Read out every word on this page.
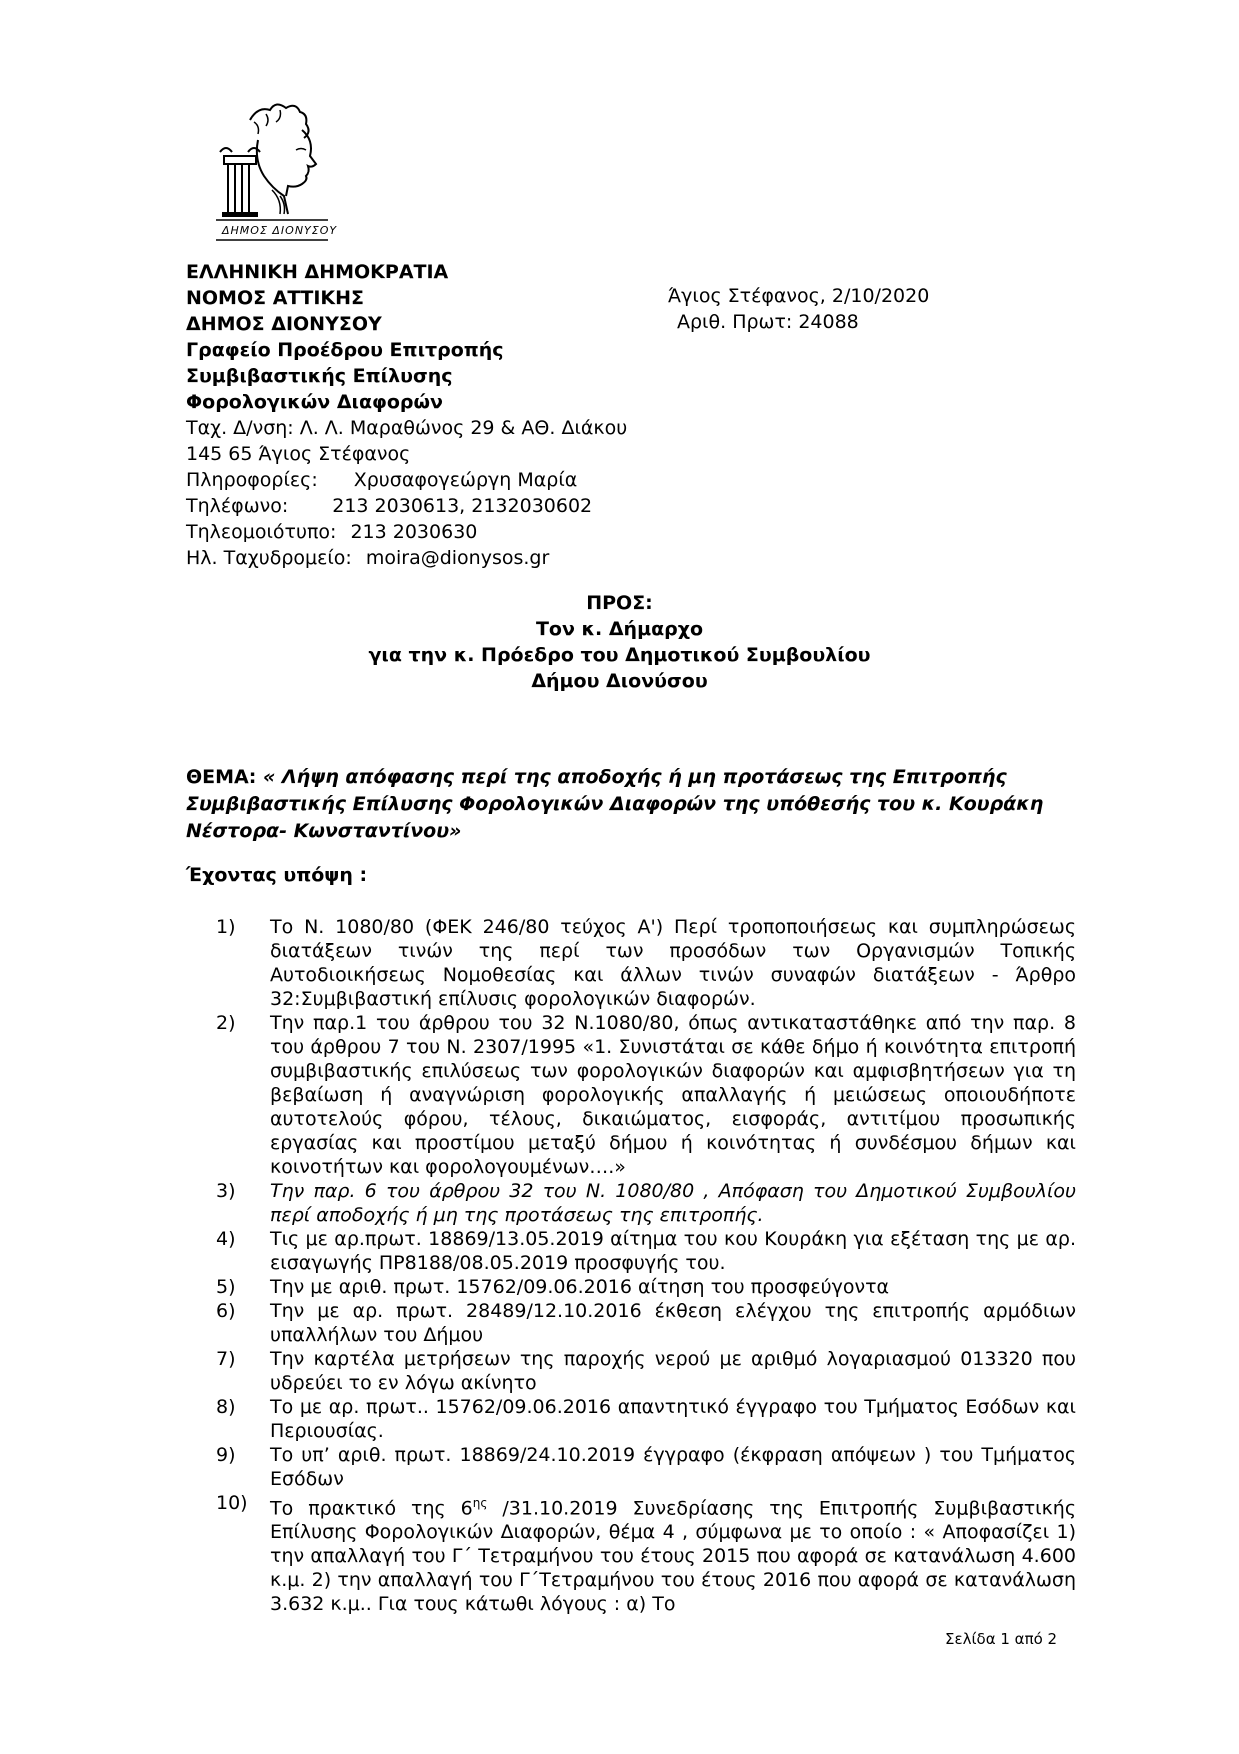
ΔΗΜΟΣ ΔΙΟΝΥΣΟΥ
ΕΛΛΗΝΙΚΗ ΔΗΜΟΚΡΑΤΙΑ
ΝΟΜΟΣ ΑΤΤΙΚΗΣ
ΔΗΜΟΣ ΔΙΟΝΥΣΟΥ
Γραφείο Προέδρου Επιτροπής
Συμβιβαστικής Επίλυσης
Φορολογικών Διαφορών
Ταχ. Δ/νση: Λ. Λ. Μαραθώνος 29 & ΑΘ. Διάκου
145 65 Άγιος Στέφανος
Πληροφορίες: Χρυσαφογεώργη Μαρία
Τηλέφωνο: 213 2030613, 2132030602
Τηλεομοιότυπο: 213 2030630
Ηλ. Ταχυδρομείο: moira@dionysos.gr
Άγιος Στέφανος, 2/10/2020
Αριθ. Πρωτ: 24088
ΠΡΟΣ:
Τον κ. Δήμαρχο
για την κ. Πρόεδρο του Δημοτικού Συμβουλίου
Δήμου Διονύσου
ΘΕΜΑ: « Λήψη απόφασης περί της αποδοχής ή μη προτάσεως της Επιτροπής Συμβιβαστικής Επίλυσης Φορολογικών Διαφορών της υπόθεσής του κ. Κουράκη Νέστορα- Κωνσταντίνου»
Έχοντας υπόψη :
1)	Το Ν. 1080/80 (ΦΕΚ 246/80 τεύχος Α') Περί τροποποιήσεως και συμπληρώσεως διατάξεων τινών της περί των προσόδων των Οργανισμών Τοπικής Αυτοδιοικήσεως Νομοθεσίας και άλλων τινών συναφών διατάξεων - Άρθρο 32:Συμβιβαστική επίλυσις φορολογικών διαφορών.
2)	Την παρ.1 του άρθρου του 32 Ν.1080/80, όπως αντικαταστάθηκε από την παρ. 8 του άρθρου 7 του Ν. 2307/1995 «1. Συνιστάται σε κάθε δήμο ή κοινότητα επιτροπή συμβιβαστικής επιλύσεως των φορολογικών διαφορών και αμφισβητήσεων για τη βεβαίωση ή αναγνώριση φορολογικής απαλλαγής ή μειώσεως οποιουδήποτε αυτοτελούς φόρου, τέλους, δικαιώματος, εισφοράς, αντιτίμου προσωπικής εργασίας και προστίμου μεταξύ δήμου ή κοινότητας ή συνδέσμου δήμων και κοινοτήτων και φορολογουμένων….»
3)	Την παρ. 6 του άρθρου 32 του Ν. 1080/80 , Απόφαση του Δημοτικού Συμβουλίου περί αποδοχής ή μη της προτάσεως της επιτροπής.
4)	Τις με αρ.πρωτ. 18869/13.05.2019 αίτημα του κου Κουράκη για εξέταση της με αρ. εισαγωγής ΠΡ8188/08.05.2019 προσφυγής του.
5)	Την με αριθ. πρωτ. 15762/09.06.2016 αίτηση του προσφεύγοντα
6)	Την με αρ. πρωτ. 28489/12.10.2016 έκθεση ελέγχου της επιτροπής αρμόδιων υπαλλήλων του Δήμου
7)	Την καρτέλα μετρήσεων της παροχής νερού με αριθμό λογαριασμού 013320 που υδρεύει το εν λόγω ακίνητο
8)	Το με αρ. πρωτ.. 15762/09.06.2016 απαντητικό έγγραφο του Τμήματος Εσόδων και Περιουσίας.
9)	Το υπ’ αριθ. πρωτ. 18869/24.10.2019 έγγραφο (έκφραση απόψεων ) του Τμήματος Εσόδων
10)	Το πρακτικό της $6^{\eta\varsigma}$ /31.10.2019 Συνεδρίασης της Επιτροπής Συμβιβαστικής Επίλυσης Φορολογικών Διαφορών, θέμα 4 , σύμφωνα με το οποίο : « Αποφασίζει 1) την απαλλαγή του Γ΄ Τετραμήνου του έτους 2015 που αφορά σε κατανάλωση 4.600 κ.μ. 2) την απαλλαγή του Γ΄Τετραμήνου του έτους 2016 που αφορά σε κατανάλωση 3.632 κ.μ.. Για τους κάτωθι λόγους : α) Το
Σελίδα 1 από 2
